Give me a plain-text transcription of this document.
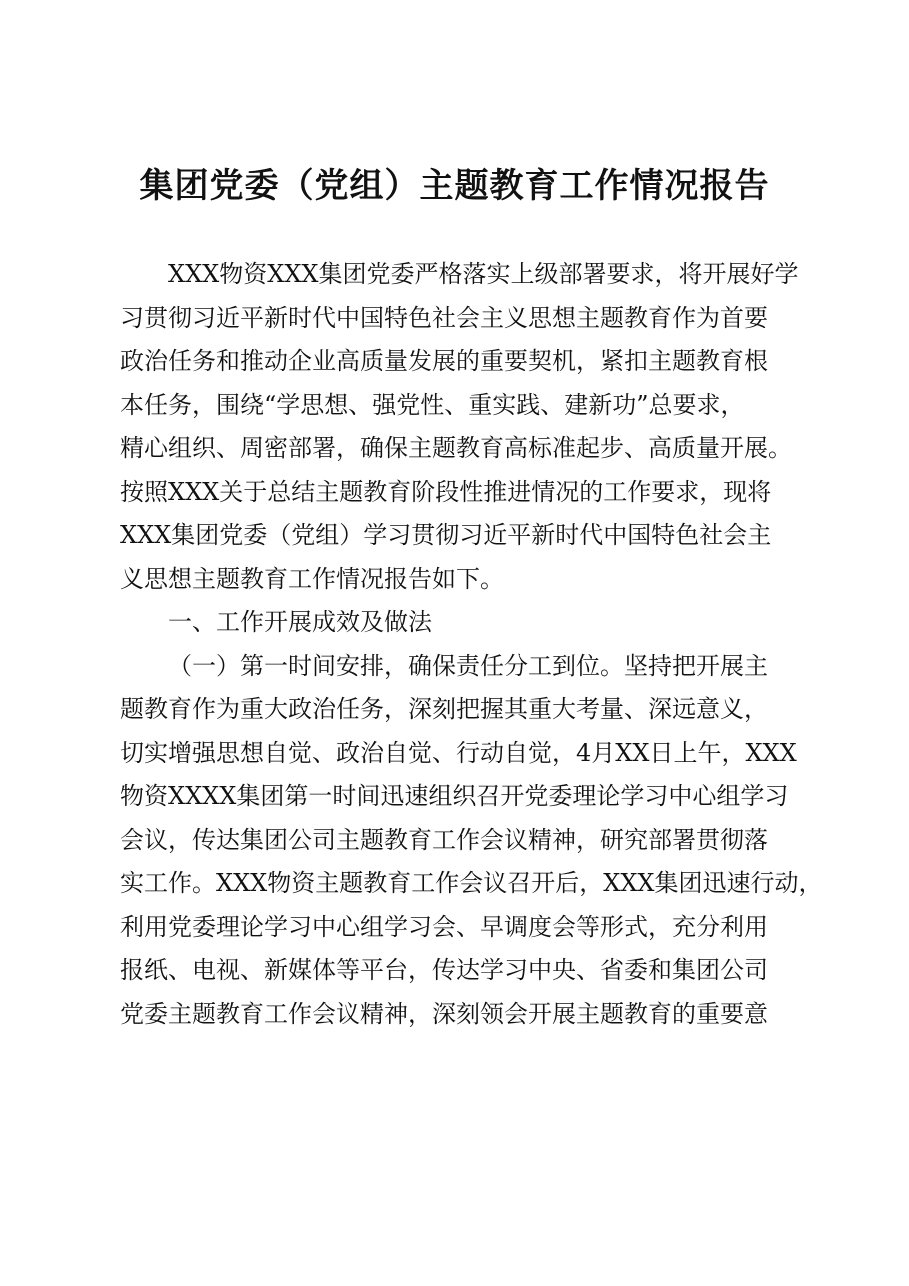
集团党委（党组）主题教育工作情况报告
XXX物资XXX集团党委严格落实上级部署要求，将开展好学
习贯彻习近平新时代中国特色社会主义思想主题教育作为首要
政治任务和推动企业高质量发展的重要契机，紧扣主题教育根
本任务，围绕“学思想、强党性、重实践、建新功”总要求，
精心组织、周密部署，确保主题教育高标准起步、高质量开展。
按照XXX关于总结主题教育阶段性推进情况的工作要求，现将
XXX集团党委（党组）学习贯彻习近平新时代中国特色社会主
义思想主题教育工作情况报告如下。
一、工作开展成效及做法
（一）第一时间安排，确保责任分工到位。坚持把开展主
题教育作为重大政治任务，深刻把握其重大考量、深远意义，
切实增强思想自觉、政治自觉、行动自觉，4月XX日上午，XXX
物资XXXX集团第一时间迅速组织召开党委理论学习中心组学习
会议，传达集团公司主题教育工作会议精神，研究部署贯彻落
实工作。XXX物资主题教育工作会议召开后，XXX集团迅速行动，
利用党委理论学习中心组学习会、早调度会等形式，充分利用
报纸、电视、新媒体等平台，传达学习中央、省委和集团公司
党委主题教育工作会议精神，深刻领会开展主题教育的重要意
